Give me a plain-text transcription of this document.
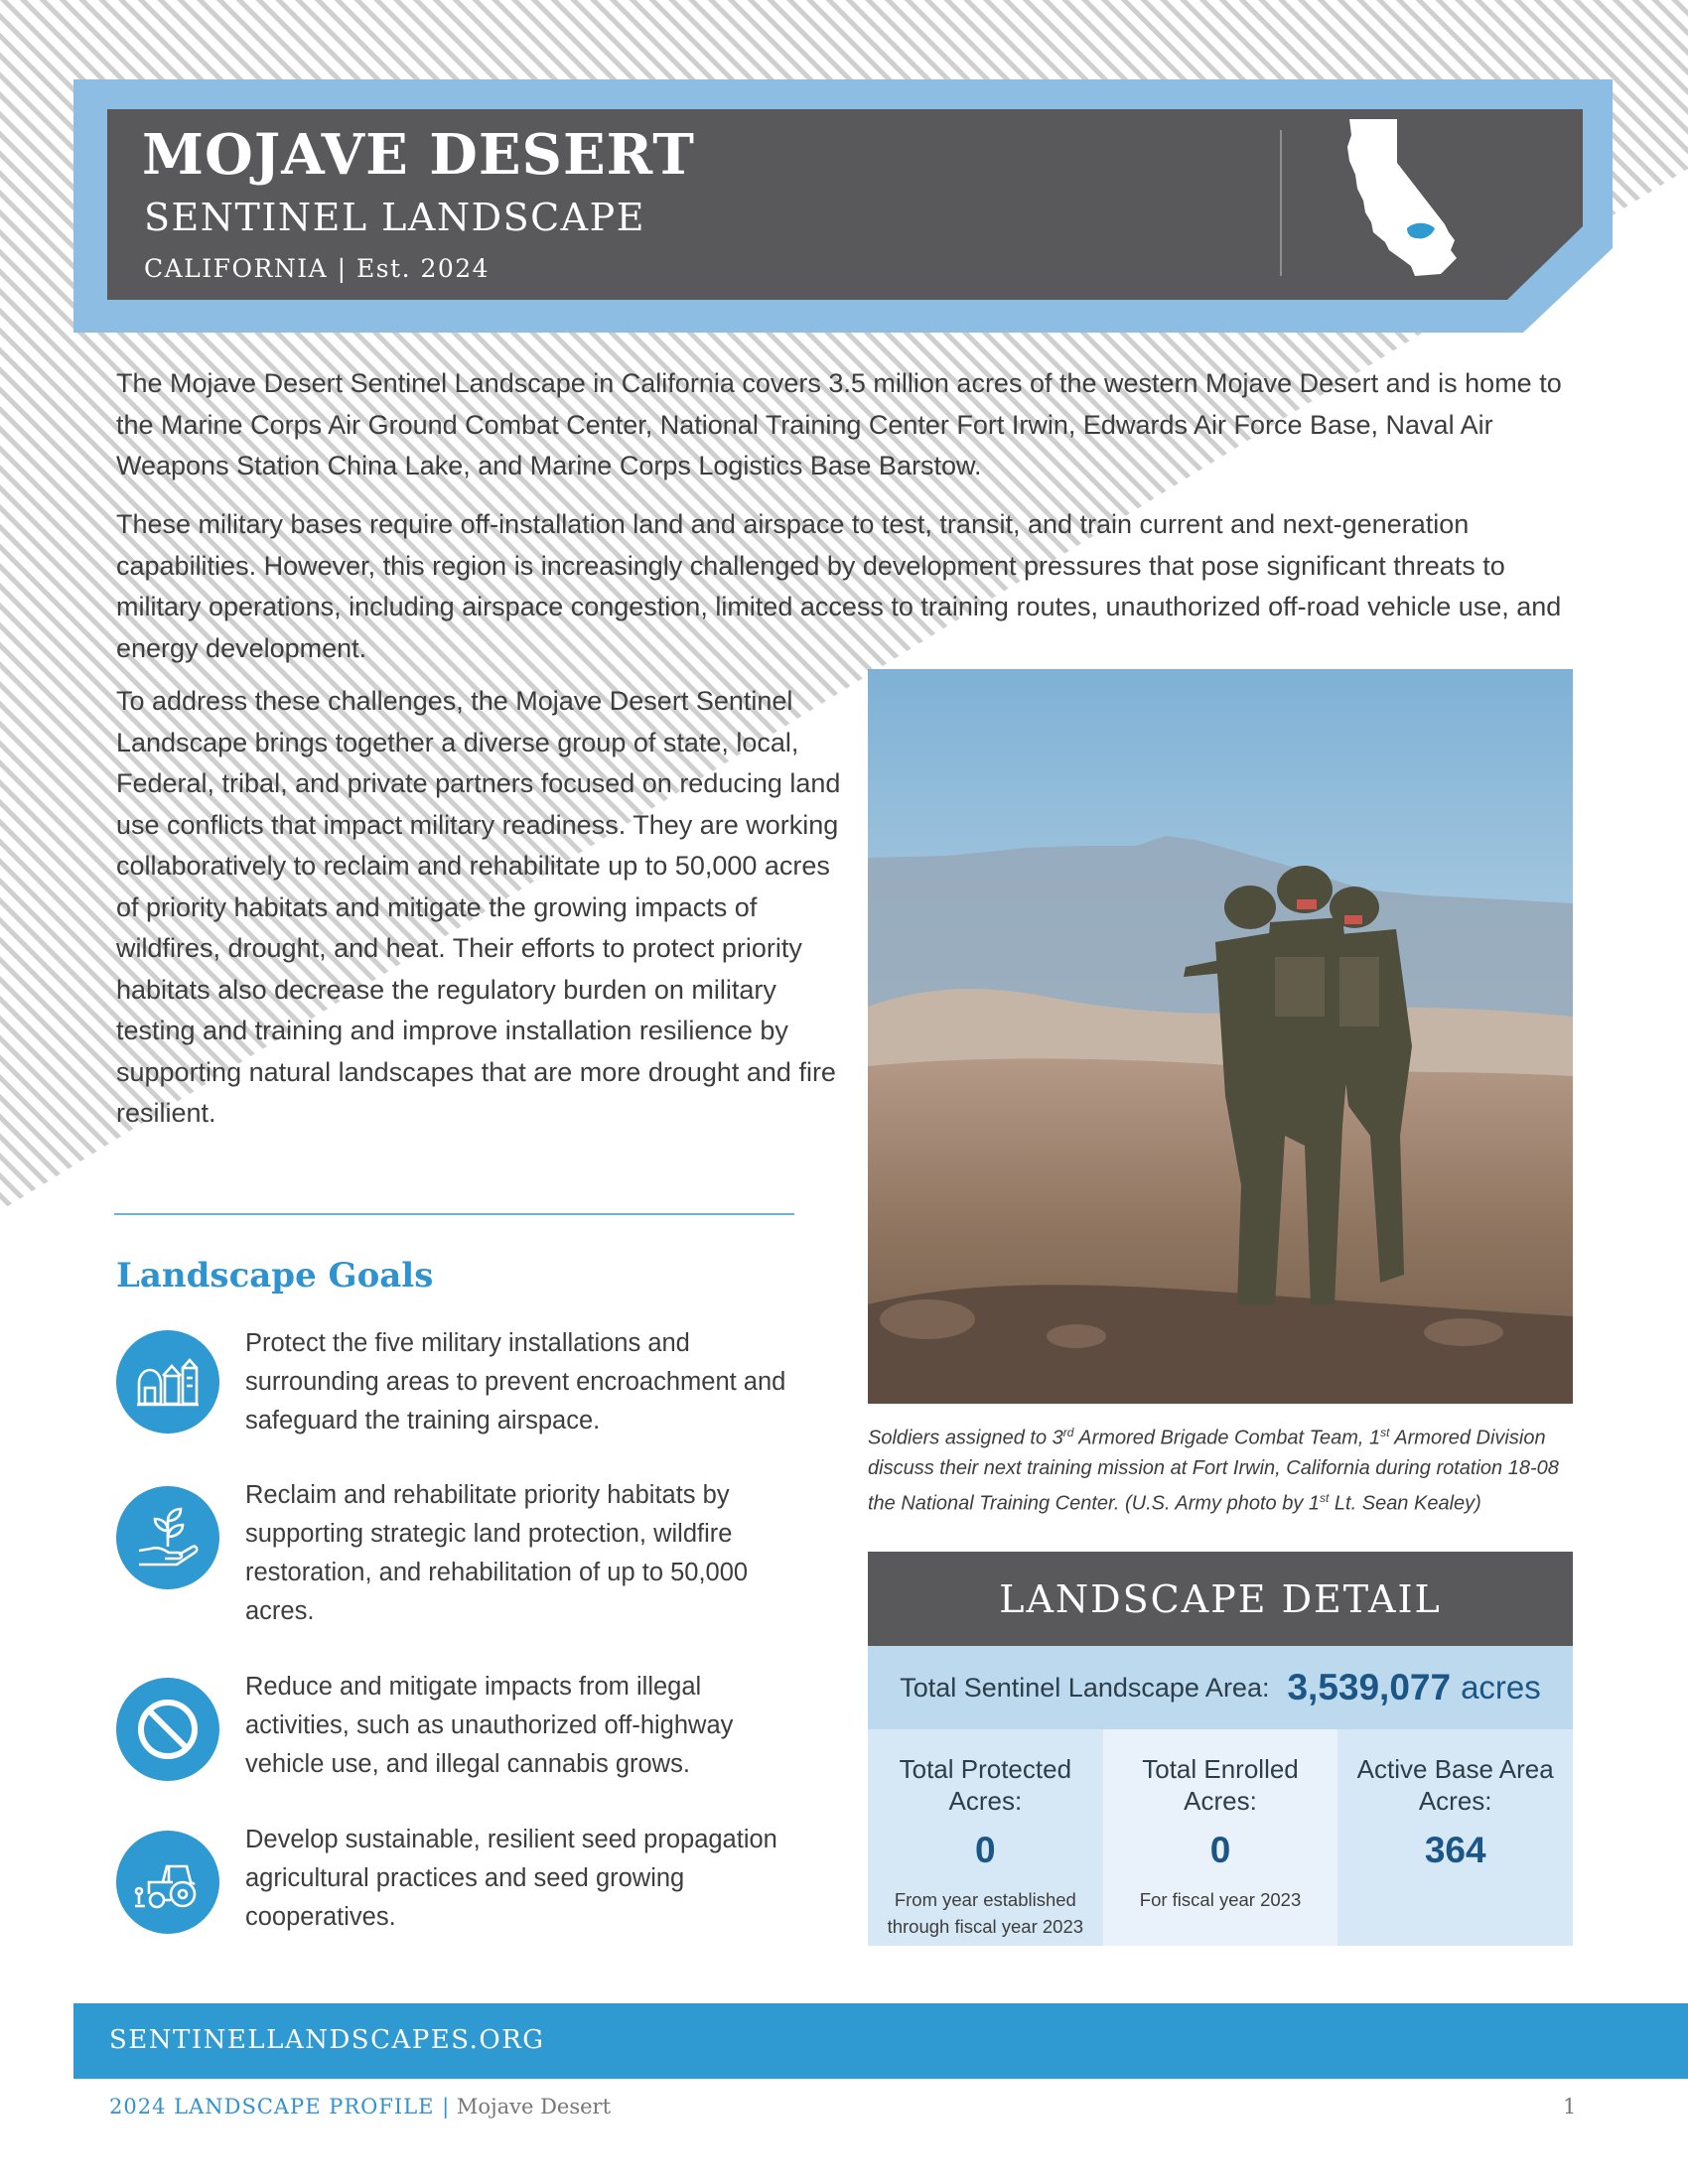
MOJAVE DESERT
SENTINEL LANDSCAPE
CALIFORNIA | Est. 2024

The Mojave Desert Sentinel Landscape in California covers 3.5 million acres of the western Mojave Desert and is home to the Marine Corps Air Ground Combat Center, National Training Center Fort Irwin, Edwards Air Force Base, Naval Air Weapons Station China Lake, and Marine Corps Logistics Base Barstow.

These military bases require off-installation land and airspace to test, transit, and train current and next-generation capabilities. However, this region is increasingly challenged by development pressures that pose significant threats to military operations, including airspace congestion, limited access to training routes, unauthorized off-road vehicle use, and energy development.

To address these challenges, the Mojave Desert Sentinel Landscape brings together a diverse group of state, local, Federal, tribal, and private partners focused on reducing land use conflicts that impact military readiness. They are working collaboratively to reclaim and rehabilitate up to 50,000 acres of priority habitats and mitigate the growing impacts of wildfires, drought, and heat. Their efforts to protect priority habitats also decrease the regulatory burden on military testing and training and improve installation resilience by supporting natural landscapes that are more drought and fire resilient.

Landscape Goals
Protect the five military installations and surrounding areas to prevent encroachment and safeguard the training airspace.
Reclaim and rehabilitate priority habitats by supporting strategic land protection, wildfire restoration, and rehabilitation of up to 50,000 acres.
Reduce and mitigate impacts from illegal activities, such as unauthorized off-highway vehicle use, and illegal cannabis grows.
Develop sustainable, resilient seed propagation agricultural practices and seed growing cooperatives.

Soldiers assigned to 3rd Armored Brigade Combat Team, 1st Armored Division discuss their next training mission at Fort Irwin, California during rotation 18-08 the National Training Center. (U.S. Army photo by 1st Lt. Sean Kealey)

LANDSCAPE DETAIL
Total Sentinel Landscape Area: 3,539,077 acres
Total Protected Acres:
0
From year established through fiscal year 2023
Total Enrolled Acres:
0
For fiscal year 2023
Active Base Area Acres:
364
SENTINELLANDSCAPES.ORG
2024 LANDSCAPE PROFILE | Mojave Desert	1
